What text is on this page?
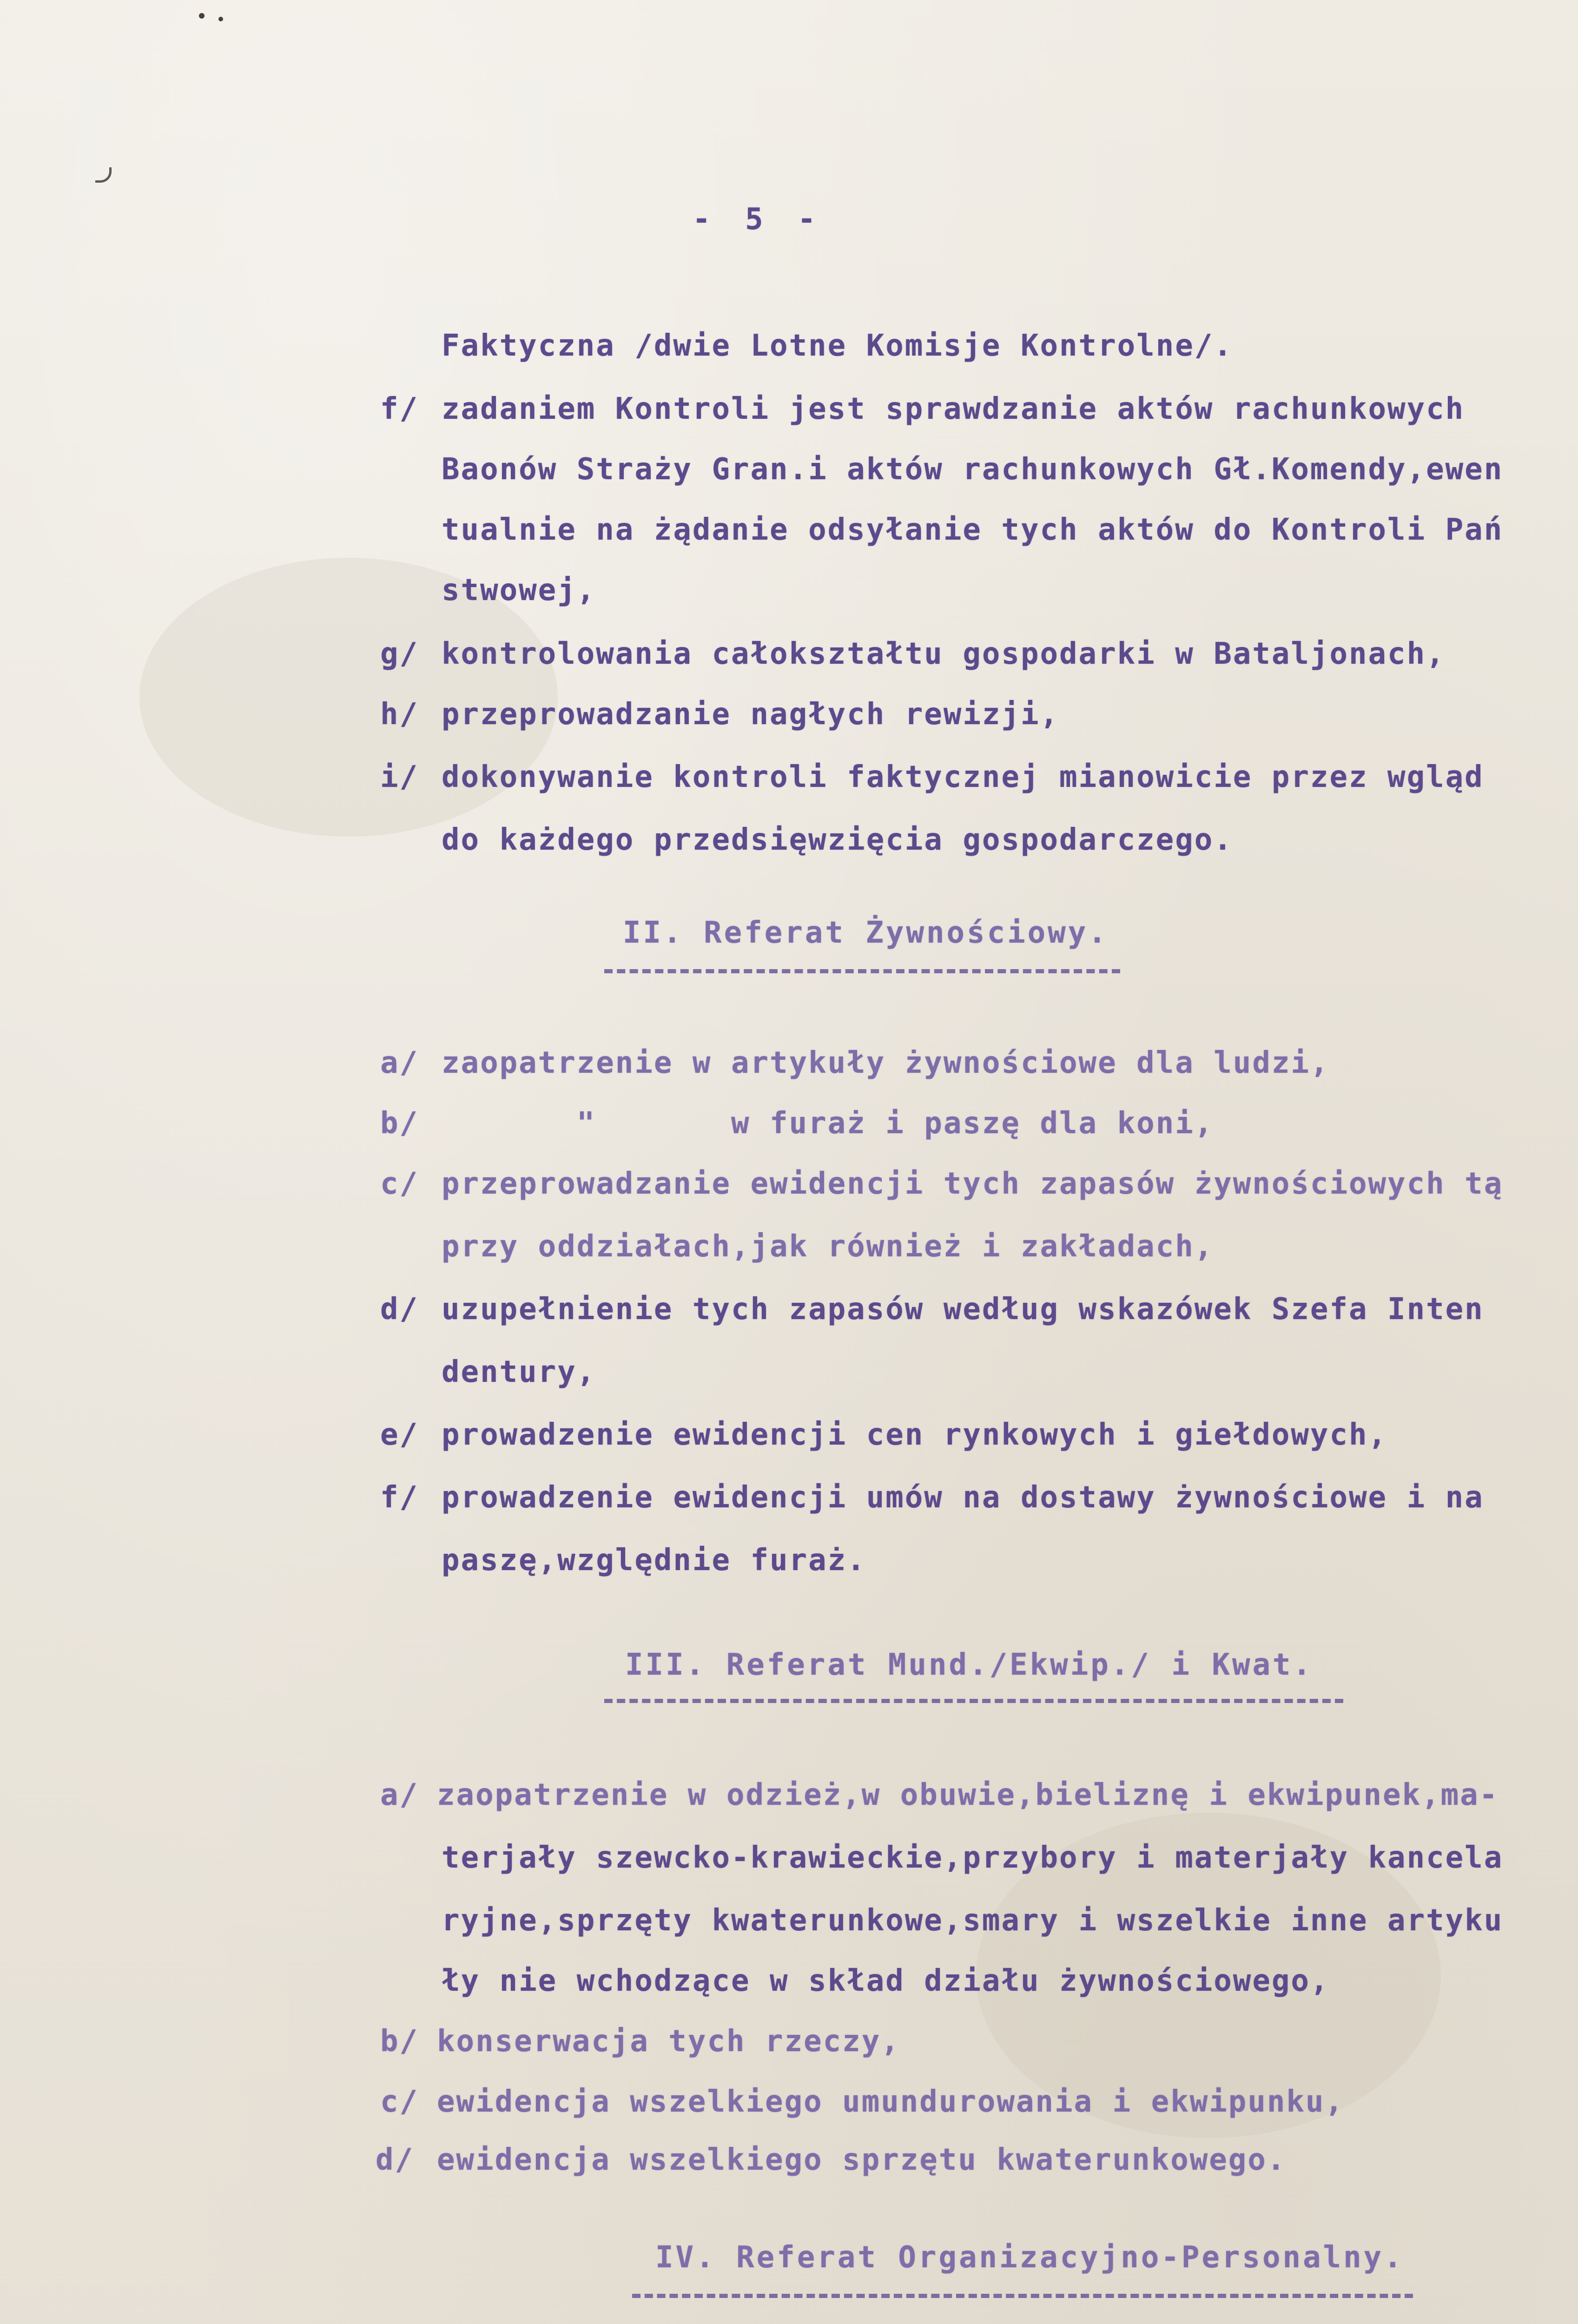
- 5 -
Faktyczna /dwie Lotne Komisje Kontrolne/.
f/ zadaniem Kontroli jest sprawdzanie aktów rachunkowych
Baonów Straży Gran.i aktów rachunkowych Gł.Komendy,ewen
tualnie na żądanie odsyłanie tych aktów do Kontroli Pań
stwowej,
g/ kontrolowania całokształtu gospodarki w Bataljonach,
h/ przeprowadzanie nagłych rewizji,
i/ dokonywanie kontroli faktycznej mianowicie przez wgląd
do każdego przedsięwzięcia gospodarczego.
II. Referat Żywnościowy.
a/ zaopatrzenie w artykuły żywnościowe dla ludzi,
b/ "       w furaż i paszę dla koni,
c/ przeprowadzanie ewidencji tych zapasów żywnościowych tą
przy oddziałach,jak również i zakładach,
d/ uzupełnienie tych zapasów według wskazówek Szefa Inten
dentury,
e/ prowadzenie ewidencji cen rynkowych i giełdowych,
f/ prowadzenie ewidencji umów na dostawy żywnościowe i na
paszę,względnie furaż.
III. Referat Mund./Ekwip./ i Kwat.
a/ zaopatrzenie w odzież,w obuwie,bieliznę i ekwipunek,ma-
terjały szewcko-krawieckie,przybory i materjały kancela
ryjne,sprzęty kwaterunkowe,smary i wszelkie inne artyku
ły nie wchodzące w skład działu żywnościowego,
b/ konserwacja tych rzeczy,
c/ ewidencja wszelkiego umundurowania i ekwipunku,
d/ ewidencja wszelkiego sprzętu kwaterunkowego.
IV. Referat Organizacyjno-Personalny.
